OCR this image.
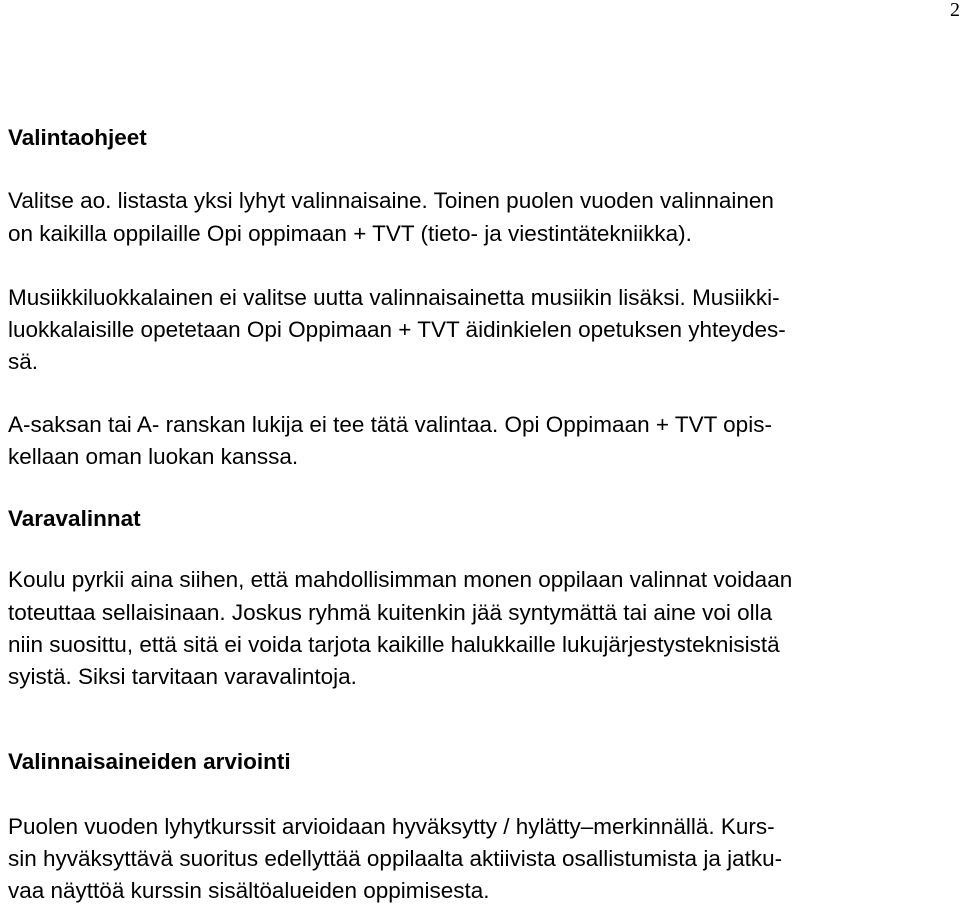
2
Valintaohjeet
Valitse ao. listasta yksi lyhyt valinnaisaine. Toinen puolen vuoden valinnainen
on kaikilla oppilaille Opi oppimaan + TVT (tieto- ja viestintätekniikka).
Musiikkiluokkalainen ei valitse uutta valinnaisainetta musiikin lisäksi. Musiikki-
luokkalaisille opetetaan Opi Oppimaan + TVT äidinkielen opetuksen yhteydes-
sä.
A-saksan tai A- ranskan lukija ei tee tätä valintaa. Opi Oppimaan + TVT opis-
kellaan oman luokan kanssa.
Varavalinnat
Koulu pyrkii aina siihen, että mahdollisimman monen oppilaan valinnat voidaan
toteuttaa sellaisinaan. Joskus ryhmä kuitenkin jää syntymättä tai aine voi olla
niin suosittu, että sitä ei voida tarjota kaikille halukkaille lukujärjestysteknisistä
syistä. Siksi tarvitaan varavalintoja.
Valinnaisaineiden arviointi
Puolen vuoden lyhytkurssit arvioidaan hyväksytty / hylätty–merkinnällä. Kurs-
sin hyväksyttävä suoritus edellyttää oppilaalta aktiivista osallistumista ja jatku-
vaa näyttöä kurssin sisältöalueiden oppimisesta.
